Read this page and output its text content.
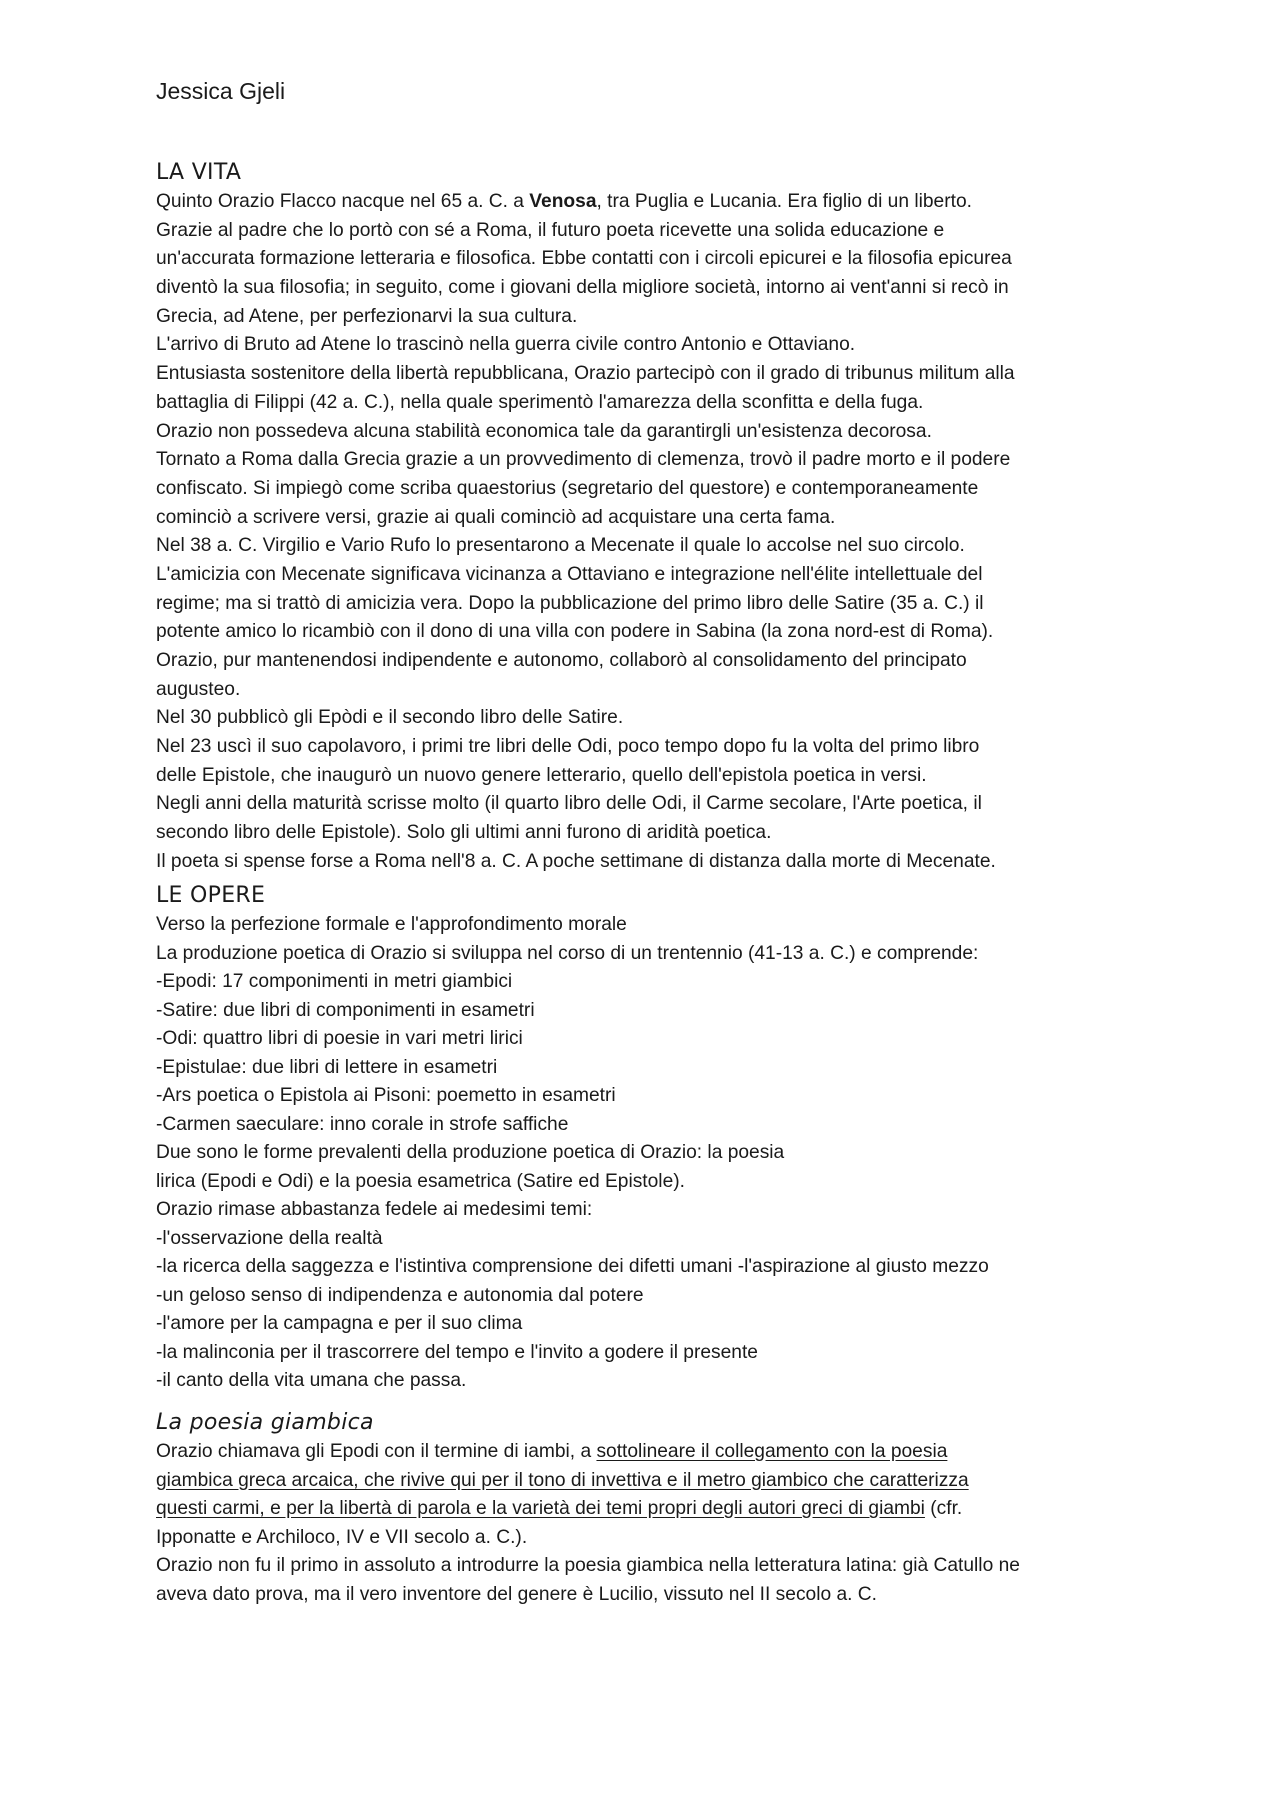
Jessica Gjeli
LA VITA
Quinto Orazio Flacco nacque nel 65 a. C. a Venosa, tra Puglia e Lucania. Era figlio di un liberto.
Grazie al padre che lo portò con sé a Roma, il futuro poeta ricevette una solida educazione e
un'accurata formazione letteraria e filosofica. Ebbe contatti con i circoli epicurei e la filosofia epicurea
diventò la sua filosofia; in seguito, come i giovani della migliore società, intorno ai vent'anni si recò in
Grecia, ad Atene, per perfezionarvi la sua cultura.
L'arrivo di Bruto ad Atene lo trascinò nella guerra civile contro Antonio e Ottaviano.
Entusiasta sostenitore della libertà repubblicana, Orazio partecipò con il grado di tribunus militum alla
battaglia di Filippi (42 a. C.), nella quale sperimentò l'amarezza della sconfitta e della fuga.
Orazio non possedeva alcuna stabilità economica tale da garantirgli un'esistenza decorosa.
Tornato a Roma dalla Grecia grazie a un provvedimento di clemenza, trovò il padre morto e il podere
confiscato. Si impiegò come scriba quaestorius (segretario del questore) e contemporaneamente
cominciò a scrivere versi, grazie ai quali cominciò ad acquistare una certa fama.
Nel 38 a. C. Virgilio e Vario Rufo lo presentarono a Mecenate il quale lo accolse nel suo circolo.
L'amicizia con Mecenate significava vicinanza a Ottaviano e integrazione nell'élite intellettuale del
regime; ma si trattò di amicizia vera. Dopo la pubblicazione del primo libro delle Satire (35 a. C.) il
potente amico lo ricambiò con il dono di una villa con podere in Sabina (la zona nord-est di Roma).
Orazio, pur mantenendosi indipendente e autonomo, collaborò al consolidamento del principato
augusteo.
Nel 30 pubblicò gli Epòdi e il secondo libro delle Satire.
Nel 23 uscì il suo capolavoro, i primi tre libri delle Odi, poco tempo dopo fu la volta del primo libro
delle Epistole, che inaugurò un nuovo genere letterario, quello dell'epistola poetica in versi.
Negli anni della maturità scrisse molto (il quarto libro delle Odi, il Carme secolare, l'Arte poetica, il
secondo libro delle Epistole). Solo gli ultimi anni furono di aridità poetica.
Il poeta si spense forse a Roma nell'8 a. C. A poche settimane di distanza dalla morte di Mecenate.
LE OPERE
Verso la perfezione formale e l'approfondimento morale
La produzione poetica di Orazio si sviluppa nel corso di un trentennio (41-13 a. C.) e comprende:
-Epodi: 17 componimenti in metri giambici
-Satire: due libri di componimenti in esametri
-Odi: quattro libri di poesie in vari metri lirici
-Epistulae: due libri di lettere in esametri
-Ars poetica o Epistola ai Pisoni: poemetto in esametri
-Carmen saeculare: inno corale in strofe saffiche
Due sono le forme prevalenti della produzione poetica di Orazio: la poesia
lirica (Epodi e Odi) e la poesia esametrica (Satire ed Epistole).
Orazio rimase abbastanza fedele ai medesimi temi:
-l'osservazione della realtà
-la ricerca della saggezza e l'istintiva comprensione dei difetti umani -l'aspirazione al giusto mezzo
-un geloso senso di indipendenza e autonomia dal potere
-l'amore per la campagna e per il suo clima
-la malinconia per il trascorrere del tempo e l'invito a godere il presente
-il canto della vita umana che passa.
La poesia giambica
Orazio chiamava gli Epodi con il termine di iambi, a sottolineare il collegamento con la poesia
giambica greca arcaica, che rivive qui per il tono di invettiva e il metro giambico che caratterizza
questi carmi, e per la libertà di parola e la varietà dei temi propri degli autori greci di giambi (cfr.
Ipponatte e Archiloco, IV e VII secolo a. C.).
Orazio non fu il primo in assoluto a introdurre la poesia giambica nella letteratura latina: già Catullo ne
aveva dato prova, ma il vero inventore del genere è Lucilio, vissuto nel II secolo a. C.
